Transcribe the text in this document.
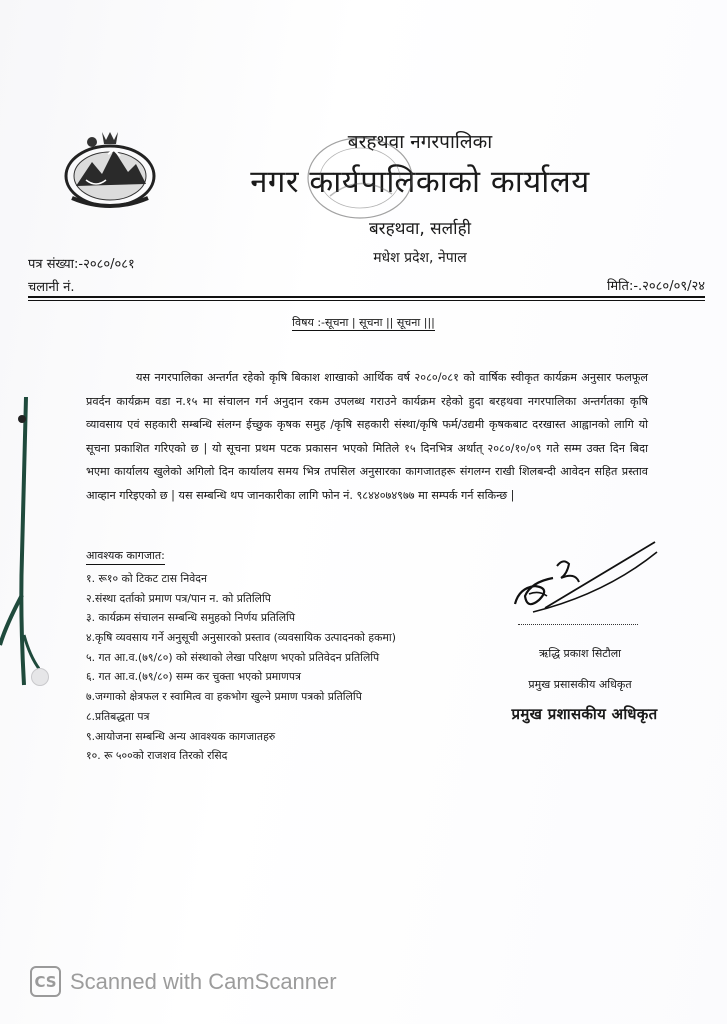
बरहथवा नगरपालिका
नगर कार्यपालिकाको कार्यालय
बरहथवा, सर्लाही
मधेश प्रदेश, नेपाल
पत्र संख्या:-२०८०/०८१
चलानी नं.	मिति:-.२०८०/०९/२४
विषय :-सूचना | सूचना || सूचना |||
यस नगरपालिका अन्तर्गत रहेको कृषि बिकाश शाखाको आर्थिक वर्ष २०८०/०८१ को वार्षिक स्वीकृत कार्यक्रम अनुसार फलफूल प्रवर्दन कार्यक्रम वडा न.१५ मा संचालन गर्न अनुदान रकम उपलब्ध गराउने कार्यक्रम रहेको हुदा बरहथवा नगरपालिका अन्तर्गतका कृषि व्यावसाय एवं सहकारी सम्बन्धि संलग्न ईच्छुक कृषक समुह /कृषि सहकारी संस्था/कृषि फर्म/उद्यमी कृषकबाट दरखास्त आह्वानको लागि यो सूचना प्रकाशित गरिएको छ | यो सूचना प्रथम पटक प्रकासन भएको मितिले १५ दिनभित्र अर्थात् २०८०/१०/०९ गते सम्म उक्त दिन बिदा भएमा कार्यालय खुलेको अगिलो दिन कार्यालय समय भित्र तपसिल अनुसारका कागजातहरू संगलग्न राखी शिलबन्दी आवेदन सहित प्रस्ताव आव्हान गरिइएको छ | यस सम्बन्धि थप जानकारीका लागि फोन नं. ९८४४०७४९७७ मा सम्पर्क गर्न सकिन्छ |
आवश्यक कागजात:
१. रू१० को टिकट टास निवेदन
२.संस्था दर्ताको प्रमाण पत्र/पान न. को प्रतिलिपि
३. कार्यक्रम संचालन सम्बन्धि समुहको निर्णय प्रतिलिपि
४.कृषि व्यवसाय गर्ने अनुसूची अनुसारको प्रस्ताव (व्यवसायिक उत्पादनको हकमा)
५. गत आ.व.(७९/८०) को संस्थाको लेखा परिक्षण भएको प्रतिवेदन प्रतिलिपि
६. गत आ.व.(७९/८०) सम्म कर चुक्ता भएको प्रमाणपत्र
७.जग्गाको क्षेत्रफल र स्वामित्व वा हकभोग खुल्ने प्रमाण पत्रको प्रतिलिपि
८.प्रतिबद्धता पत्र
९.आयोजना सम्बन्धि अन्य आवश्यक कागजातहरु
१०. रू ५००को राजशव तिरको रसिद
ऋद्धि प्रकाश सिटौला
प्रमुख प्रसासकीय अधिकृत
प्रमुख प्रशासकीय अधिकृत
CS Scanned with CamScanner
